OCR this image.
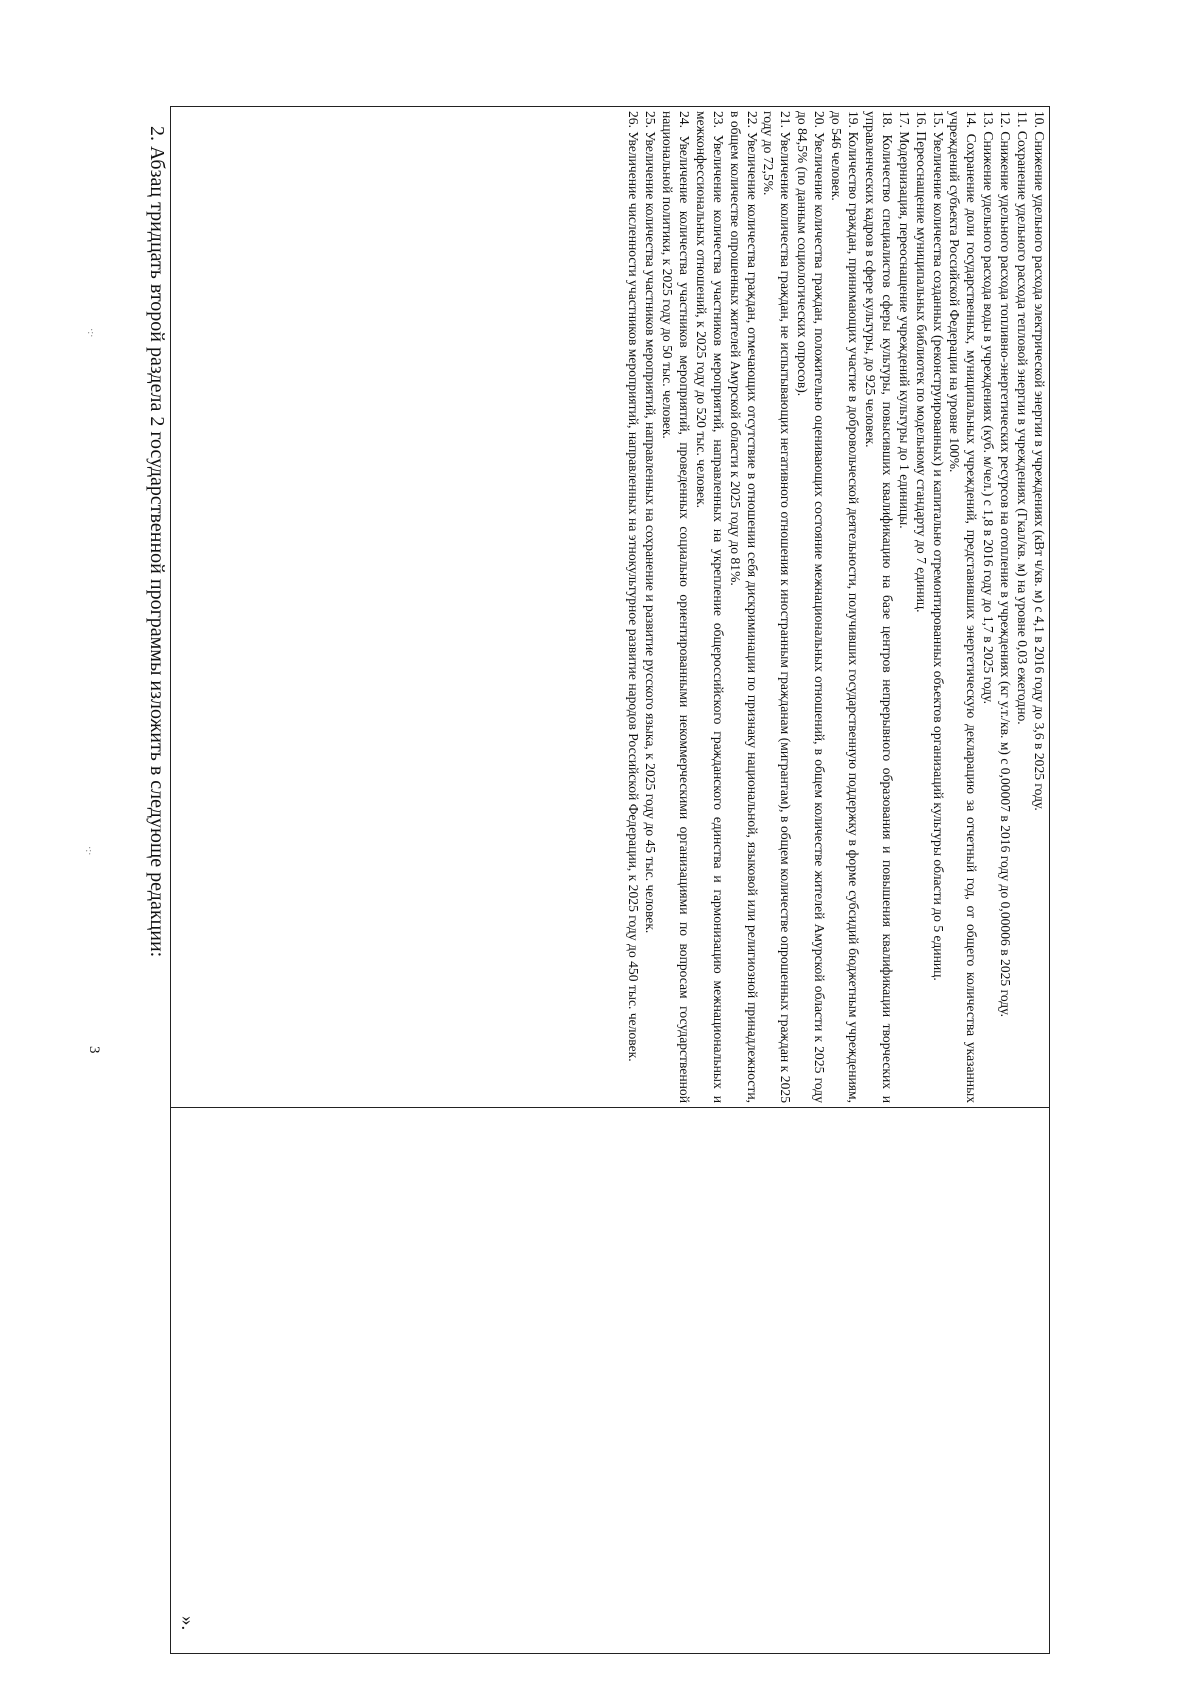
3
·:·
·:·	10. Снижение удельного расхода электрической энергии в учреждениях (кВт ч/кв. м) с 4,1 в 2016 году до 3,6 в 2025 году.

11. Сохранение удельного расхода тепловой энергии в учреждениях (Гкал/кв. м) на уровне 0,03 ежегодно.

12. Снижение удельного расхода топливно-энергетических ресурсов на отопление в учреждениях (кг у.т./кв. м) с 0,00007 в 2016 году до 0,00006 в 2025 году.

13. Снижение удельного расхода воды в учреждениях (куб. м/чел.) с 1,8 в 2016 году до 1,7 в 2025 году.

14. Сохранение доли государственных, муниципальных учреждений, представивших энергетическую декларацию за отчетный год, от общего количества указанных учреждений субъекта Российской Федерации на уровне 100%.

15. Увеличение количества созданных (реконструированных) и капитально отремонтированных объектов организаций культуры области до 5 единиц.

16. Переоснащение муниципальных библиотек по модельному стандарту до 7 единиц.

17. Модернизация, переоснащение учреждений культуры до 1 единицы.

18. Количество специалистов сферы культуры, повысивших квалификацию на базе центров непрерывного образования и повышения квалификации творческих и управленческих кадров в сфере культуры, до 925 человек.

19. Количество граждан, принимающих участие в добровольческой деятельности, получивших государственную поддержку в форме субсидий бюджетным учреждениям, до 546 человек.

20. Увеличение количества граждан, положительно оценивающих состояние межнациональных отношений, в общем количестве жителей Амурской области к 2025 году до 84,5% (по данным социологических опросов).

21. Увеличение количества граждан, не испытывающих негативного отношения к иностранным гражданам (мигрантам), в общем количестве опрошенных граждан к 2025 году до 72,5%.

22. Увеличение количества граждан, отмечающих отсутствие в отношении себя дискриминации по признаку национальной, языковой или религиозной принадлежности, в общем количестве опрошенных жителей Амурской области к 2025 году до 81%.

23. Увеличение количества участников мероприятий, направленных на укрепление общероссийского гражданского единства и гармонизацию межнациональных и межконфессиональных отношений, к 2025 году до 520 тыс. человек.

24. Увеличение количества участников мероприятий, проведенных социально ориентированными некоммерческими организациями по вопросам государственной национальной политики, к 2025 году до 50 тыс. человек.

25. Увеличение количества участников мероприятий, направленных на сохранение и развитие русского языка, к 2025 году до 45 тыс. человек.

26. Увеличение численности участников мероприятий, направленных на этнокультурное развитие народов Российской Федерации, к 2025 году до 450 тыс. человек.

».
2. Абзац тридцать второй раздела 2 государственной программы изложить в следующе редакции:
